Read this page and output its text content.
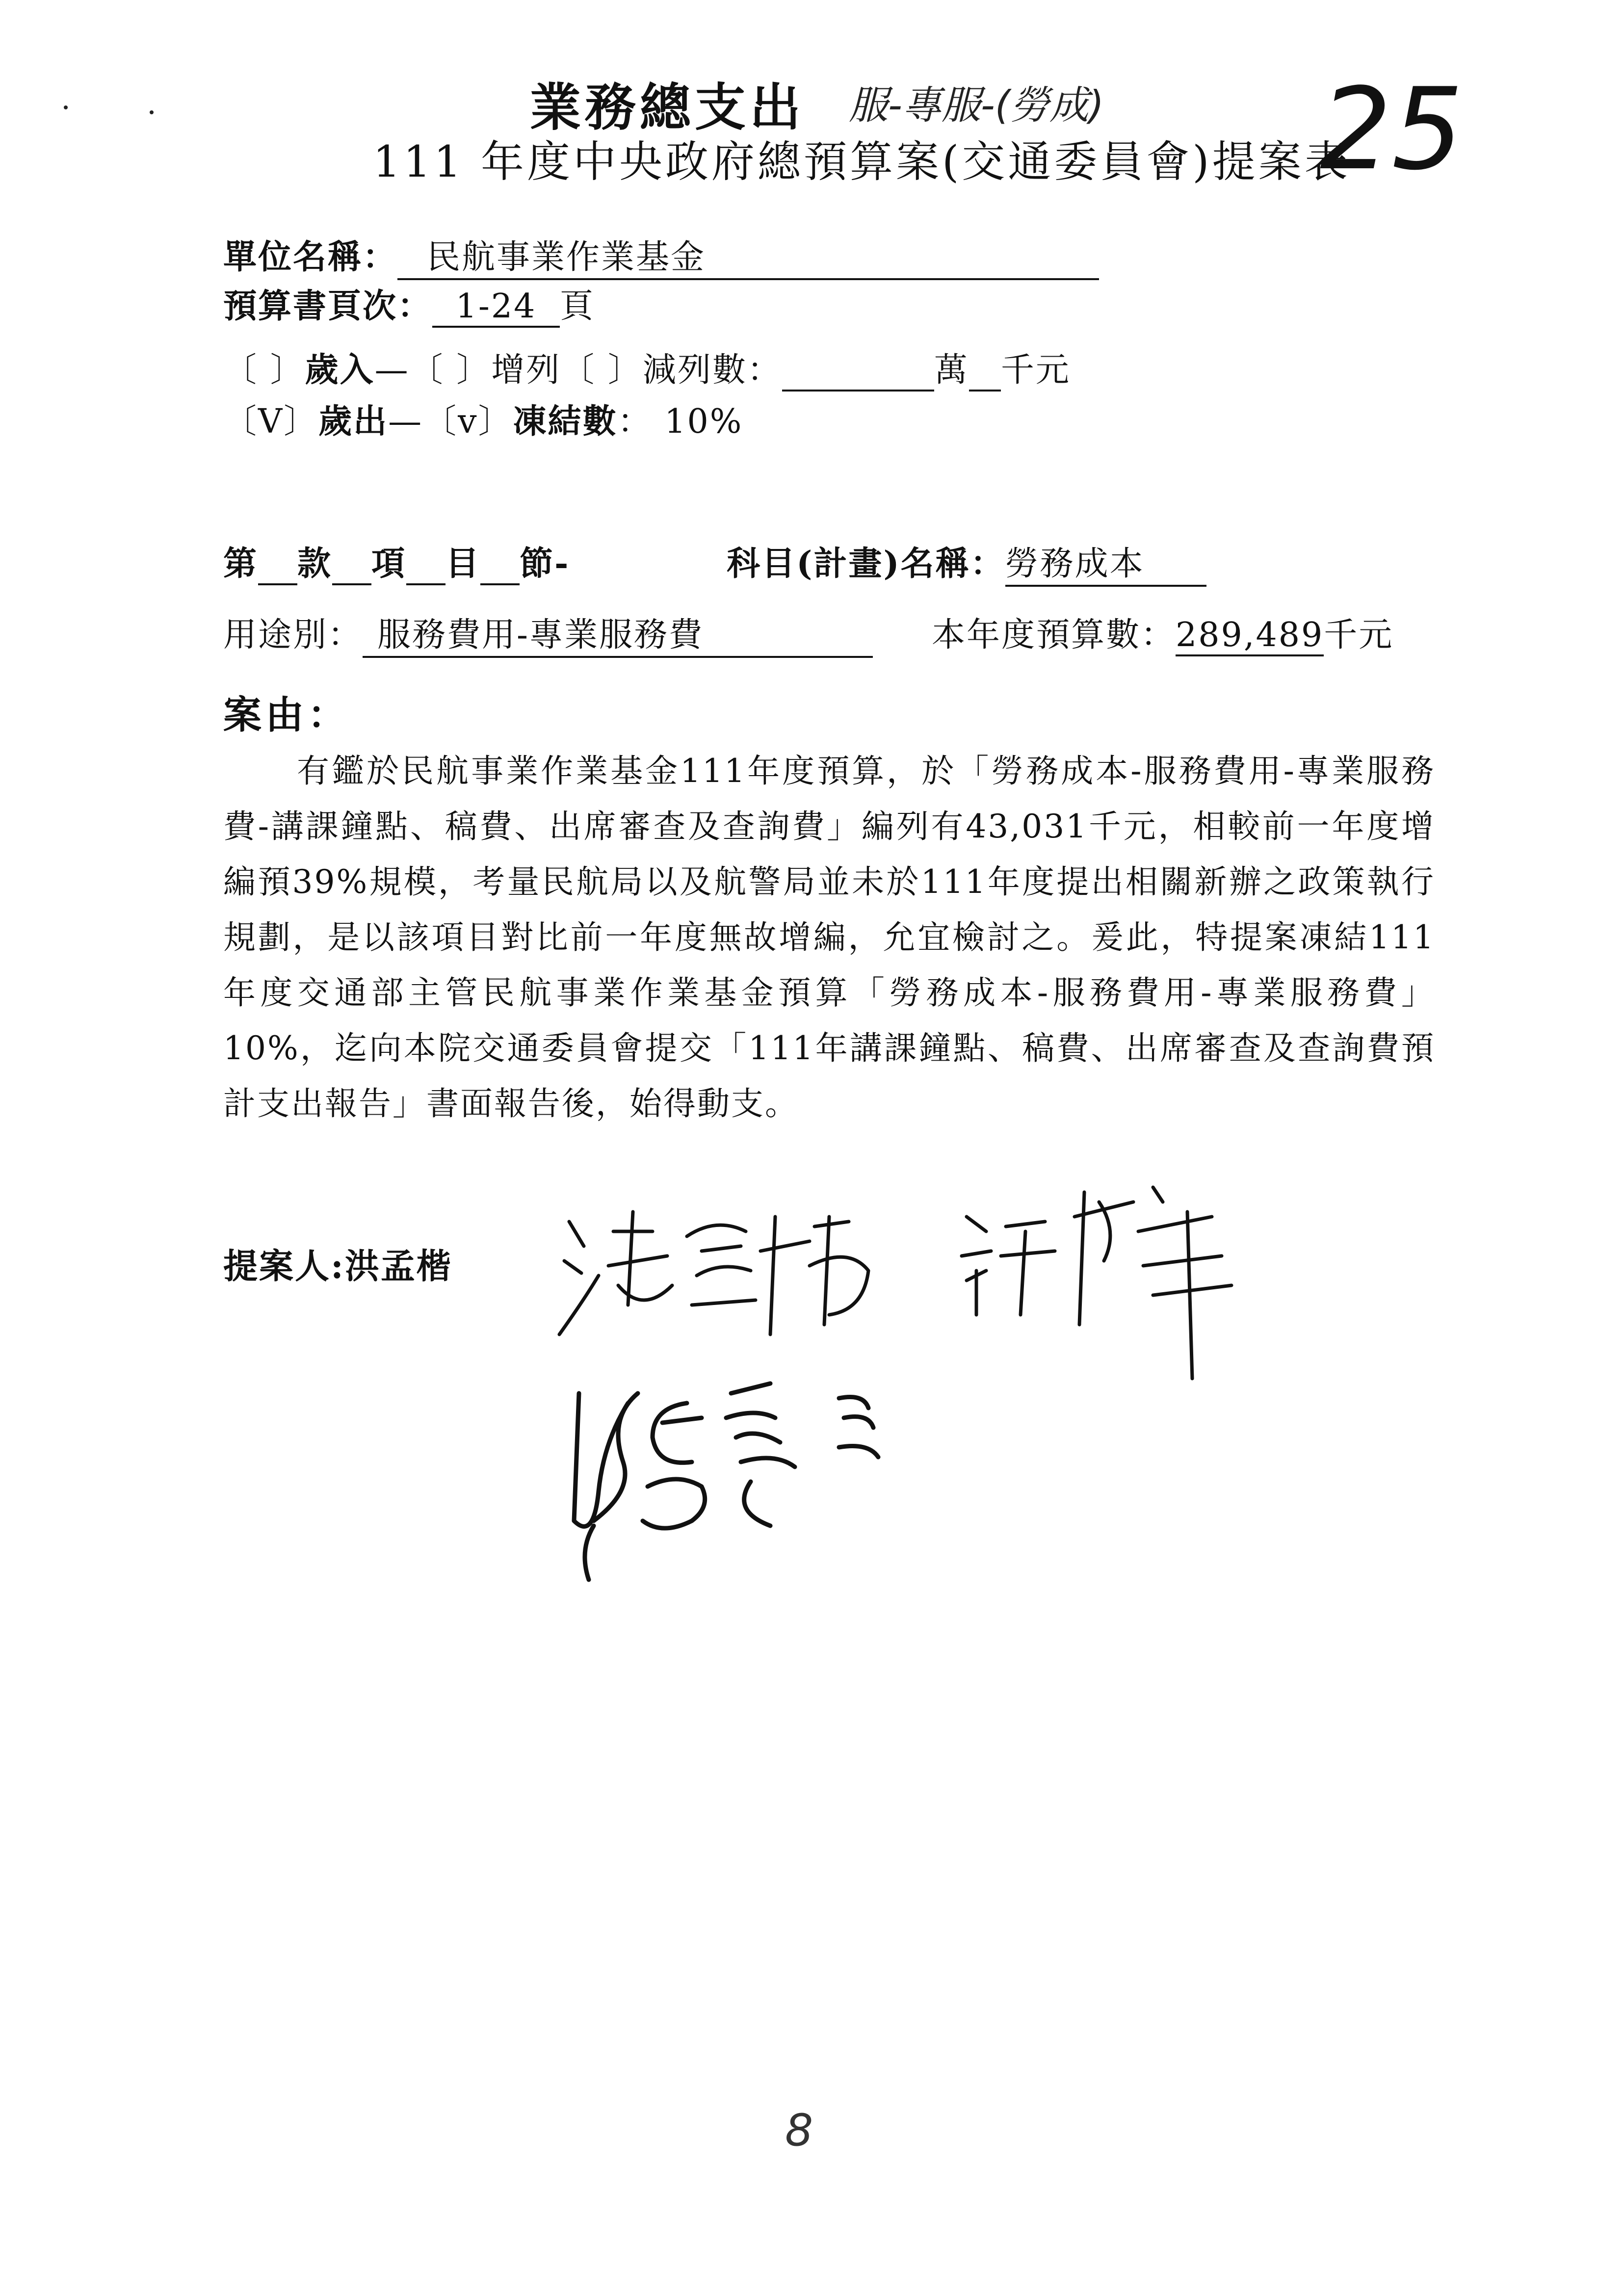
業務總支出 服-專服-(勞成)
111 年度中央政府總預算案(交通委員會)提案表
25
單位名稱： 民航事業作業基金
預算書頁次： 1-24 頁
〔 〕歲入—〔 〕增列〔 〕減列數：	萬 千元
〔V〕歲出—〔v〕凍結數： 10%
第 款 項 目 節-	科目(計畫)名稱：勞務成本
用途別： 服務費用-專業服務費	本年度預算數：289,489千元
案由：
有鑑於民航事業作業基金111年度預算，於「勞務成本-服務費用-專業服務費-講課鐘點、稿費、出席審查及查詢費」編列有43,031千元，相較前一年度增編預39%規模，考量民航局以及航警局並未於111年度提出相關新辦之政策執行規劃，是以該項目對比前一年度無故增編，允宜檢討之。爰此，特提案凍結111年度交通部主管民航事業作業基金預算「勞務成本-服務費用-專業服務費」10%，迄向本院交通委員會提交「111年講課鐘點、稿費、出席審查及查詢費預計支出報告」書面報告後，始得動支。
提案人:洪孟楷
8
